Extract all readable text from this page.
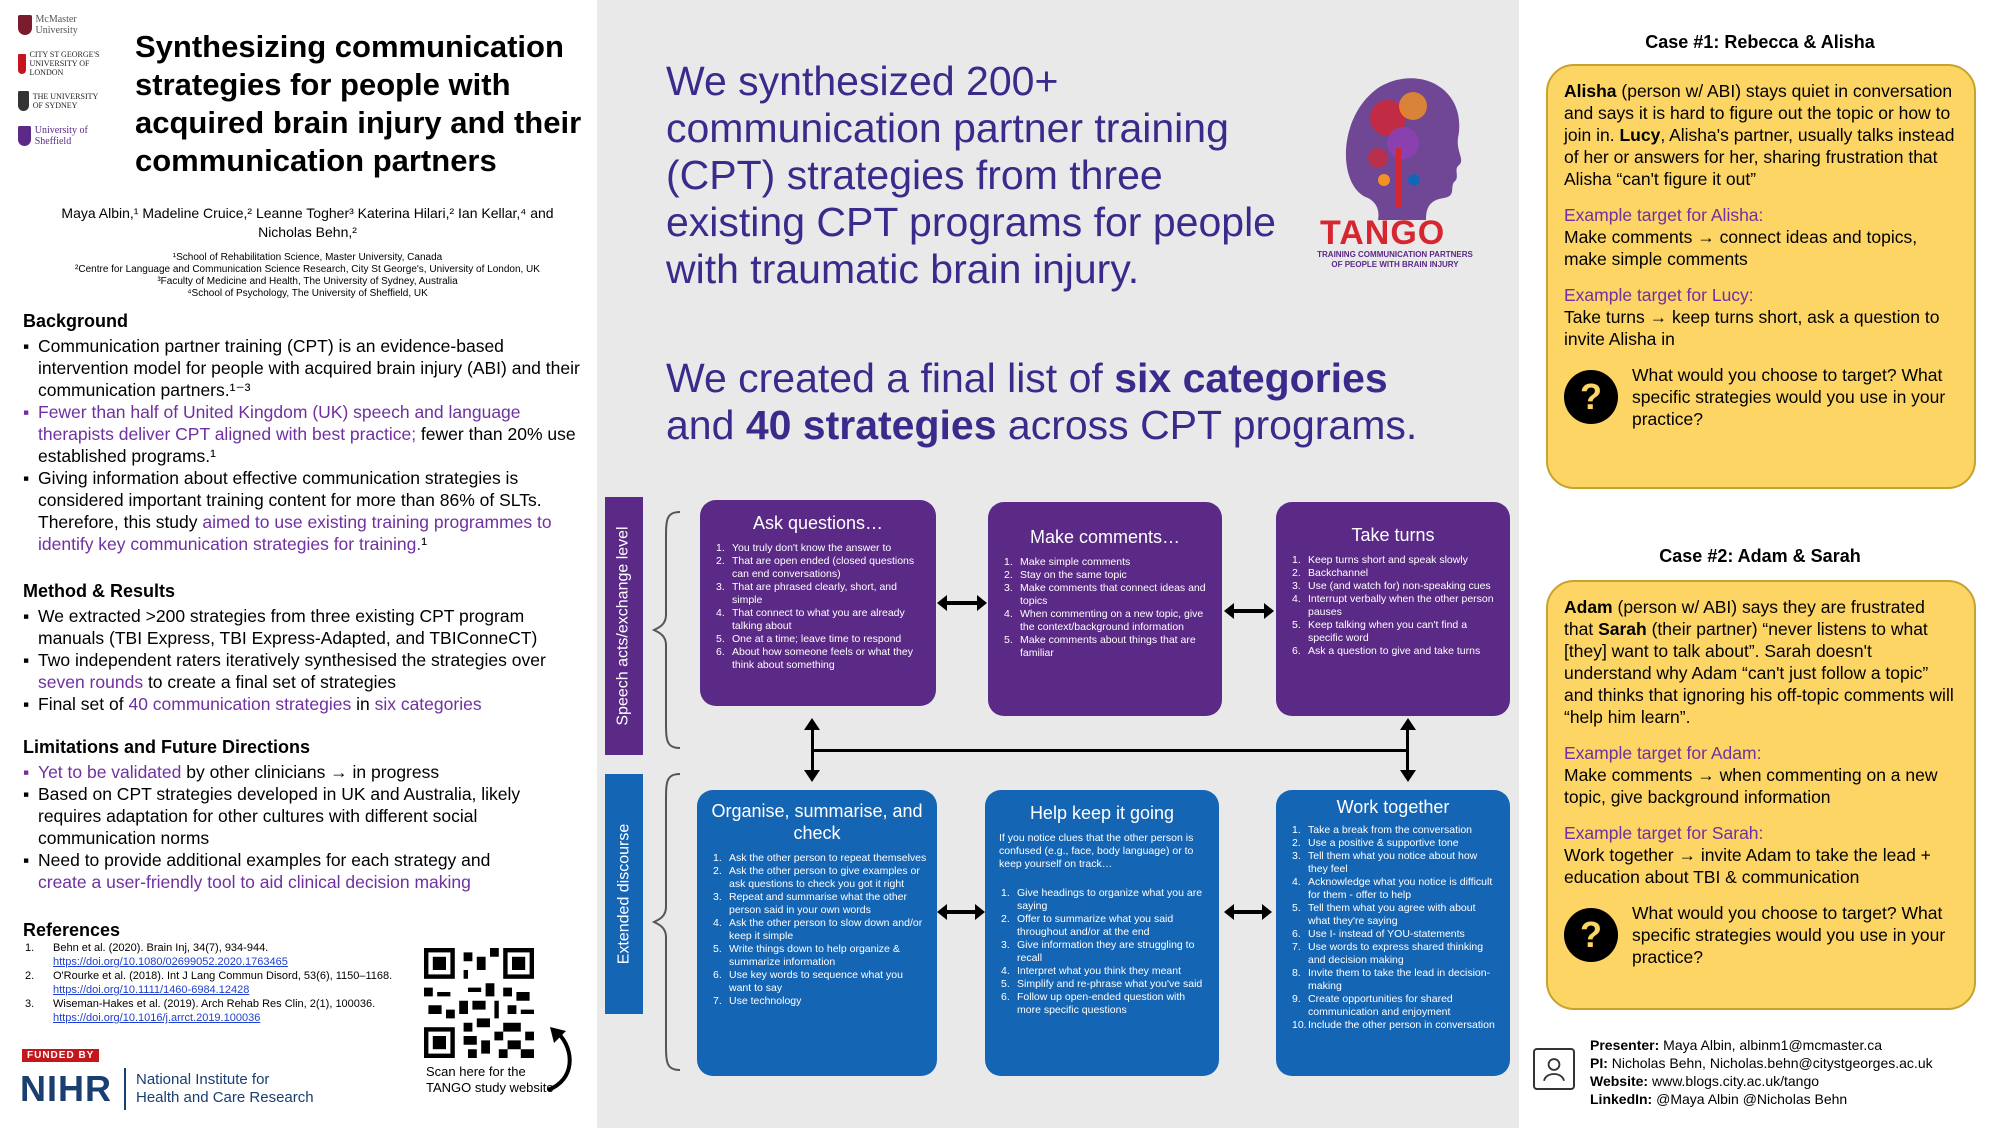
McMaster University
CITY ST GEORGE'S UNIVERSITY OF LONDON
THE UNIVERSITY OF SYDNEY
University of Sheffield
Synthesizing communication strategies for people with acquired brain injury and their communication partners
Maya Albin,¹ Madeline Cruice,² Leanne Togher³ Katerina Hilari,² Ian Kellar,⁴ and
Nicholas Behn,²
¹School of Rehabilitation Science, Master University, Canada
²Centre for Language and Communication Science Research, City St George's, University of London, UK
³Faculty of Medicine and Health, The University of Sydney, Australia
⁴School of Psychology, The University of Sheffield, UK
Background
▪ Communication partner training (CPT) is an evidence-based intervention model for people with acquired brain injury (ABI) and their communication partners.¹⁻³
▪ Fewer than half of United Kingdom (UK) speech and language therapists deliver CPT aligned with best practice; fewer than 20% use established programs.¹
▪ Giving information about effective communication strategies is considered important training content for more than 86% of SLTs. Therefore, this study aimed to use existing training programmes to identify key communication strategies for training.¹
Method & Results
▪ We extracted >200 strategies from three existing CPT program manuals (TBI Express, TBI Express-Adapted, and TBIConneCT)
▪ Two independent raters iteratively synthesised the strategies over seven rounds to create a final set of strategies
▪ Final set of 40 communication strategies in six categories
Limitations and Future Directions
▪ Yet to be validated by other clinicians → in progress
▪ Based on CPT strategies developed in UK and Australia, likely requires adaptation for other cultures with different social communication norms
▪ Need to provide additional examples for each strategy and
create a user-friendly tool to aid clinical decision making
References
1. Behn et al. (2020). Brain Inj, 34(7), 934-944.
https://doi.org/10.1080/02699052.2020.1763465
2. O'Rourke et al. (2018). Int J Lang Commun Disord, 53(6), 1150–1168. https://doi.org/10.1111/1460-6984.12428
3. Wiseman-Hakes et al. (2019). Arch Rehab Res Clin, 2(1), 100036. https://doi.org/10.1016/j.arrct.2019.100036
Scan here for the TANGO study website
FUNDED BY
NIHR	National Institute for
Health and Care Research
We synthesized 200+ communication partner training (CPT) strategies from three existing CPT programs for people with traumatic brain injury.
We created a final list of six categories and 40 strategies across CPT programs.
TANGO
TRAINING COMMUNICATION PARTNERS
OF PEOPLE WITH BRAIN INJURY
Speech acts/exchange level
Extended discourse
Ask questions…
1. You truly don't know the answer to
2. That are open ended (closed questions can end conversations)
3. That are phrased clearly, short, and simple
4. That connect to what you are already talking about
5. One at a time; leave time to respond
6. About how someone feels or what they think about something
Make comments…
1. Make simple comments
2. Stay on the same topic
3. Make comments that connect ideas and topics
4. When commenting on a new topic, give the context/background information
5. Make comments about things that are familiar
Take turns
1. Keep turns short and speak slowly
2. Backchannel
3. Use (and watch for) non-speaking cues
4. Interrupt verbally when the other person pauses
5. Keep talking when you can't find a specific word
6. Ask a question to give and take turns
Organise, summarise, and check
1. Ask the other person to repeat themselves
2. Ask the other person to give examples or ask questions to check you got it right
3. Repeat and summarise what the other person said in your own words
4. Ask the other person to slow down and/or keep it simple
5. Write things down to help organize & summarize information
6. Use key words to sequence what you want to say
7. Use technology
Help keep it going

If you notice clues that the other person is confused (e.g., face, body language) or to keep yourself on track…

1. Give headings to organize what you are saying
2. Offer to summarize what you said throughout and/or at the end
3. Give information they are struggling to recall
4. Interpret what you think they meant
5. Simplify and re-phrase what you've said
6. Follow up open-ended question with more specific questions
Work together
1. Take a break from the conversation
2. Use a positive & supportive tone
3. Tell them what you notice about how they feel
4. Acknowledge what you notice is difficult for them - offer to help
5. Tell them what you agree with about what they're saying
6. Use I- instead of YOU-statements
7. Use words to express shared thinking and decision making
8. Invite them to take the lead in decision-making
9. Create opportunities for shared communication and enjoyment
10. Include the other person in conversation
Case #1: Rebecca & Alisha

Alisha (person w/ ABI) stays quiet in conversation and says it is hard to figure out the topic or how to join in. Lucy, Alisha's partner, usually talks instead of her or answers for her, sharing frustration that Alisha “can't figure it out”

Example target for Alisha:
Make comments → connect ideas and topics, make simple comments

Example target for Lucy:
Take turns → keep turns short, ask a question to invite Alisha in

?
What would you choose to target? What specific strategies would you use in your practice?
Case #2: Adam & Sarah

Adam (person w/ ABI) says they are frustrated that Sarah (their partner) “never listens to what [they] want to talk about”. Sarah doesn't understand why Adam “can't just follow a topic” and thinks that ignoring his off-topic comments will “help him learn”.

Example target for Adam:
Make comments → when commenting on a new topic, give background information

Example target for Sarah:
Work together → invite Adam to take the lead + education about TBI & communication

?
What would you choose to target? What specific strategies would you use in your practice?
Presenter: Maya Albin, albinm1@mcmaster.ca
PI: Nicholas Behn, Nicholas.behn@citystgeorges.ac.uk
Website: www.blogs.city.ac.uk/tango
LinkedIn: @Maya Albin @Nicholas Behn
